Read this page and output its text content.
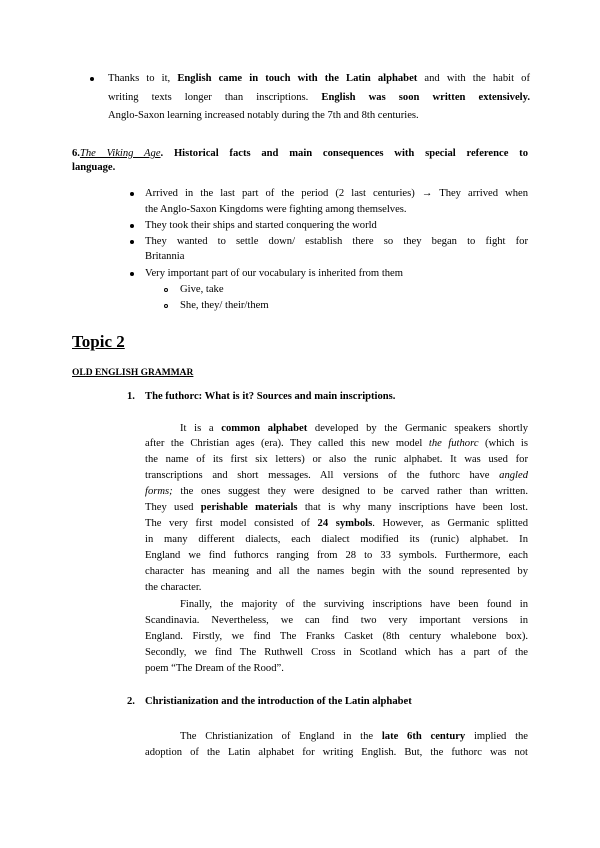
Thanks to it, English came in touch with the Latin alphabet and with the habit of
writing texts longer than inscriptions. English was soon written extensively.
Anglo-Saxon learning increased notably during the 7th and 8th centuries.
6.The Viking Age. Historical facts and main consequences with special reference to
language.
Arrived in the last part of the period (2 last centuries) → They arrived when
the Anglo-Saxon Kingdoms were fighting among themselves.
They took their ships and started conquering the world
They wanted to settle down/ establish there so they began to fight for
Britannia
Very important part of our vocabulary is inherited from them
Give, take
She, they/ their/them
Topic 2
OLD ENGLISH GRAMMAR
1. The futhorc: What is it? Sources and main inscriptions.
It is a common alphabet developed by the Germanic speakers shortly
after the Christian ages (era). They called this new model the futhorc (which is
the name of its first six letters) or also the runic alphabet. It was used for
transcriptions and short messages. All versions of the futhorc have angled
forms; the ones suggest they were designed to be carved rather than written.
They used perishable materials that is why many inscriptions have been lost.
The very first model consisted of 24 symbols. However, as Germanic splitted
in many different dialects, each dialect modified its (runic) alphabet. In
England we find futhorcs ranging from 28 to 33 symbols. Furthermore, each
character has meaning and all the names begin with the sound represented by
the character.
Finally, the majority of the surviving inscriptions have been found in
Scandinavia. Nevertheless, we can find two very important versions in
England. Firstly, we find The Franks Casket (8th century whalebone box).
Secondly, we find The Ruthwell Cross in Scotland which has a part of the
poem “The Dream of the Rood”.
2. Christianization and the introduction of the Latin alphabet
The Christianization of England in the late 6th century implied the
adoption of the Latin alphabet for writing English. But, the futhorc was not
